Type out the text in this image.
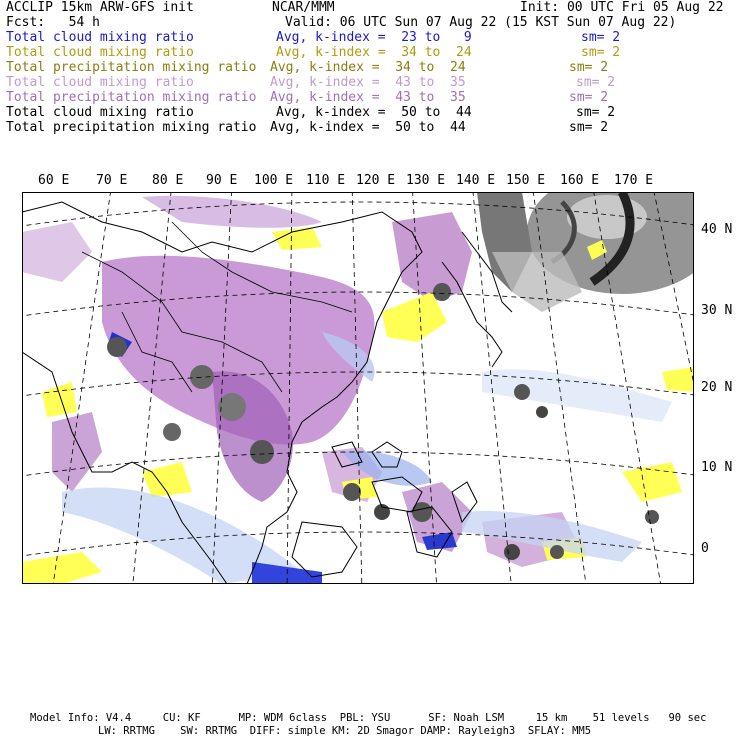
ACCLIP 15km ARW-GFS init	NCAR/MMM	Init: 00 UTC Fri 05 Aug 22
Fcst:   54 h	Valid: 06 UTC Sun 07 Aug 22 (15 KST Sun 07 Aug 22)
Total cloud mixing ratio	Avg, k-index =  23 to   9	sm= 2
Total cloud mixing ratio	Avg, k-index =  34 to  24	sm= 2
Total precipitation mixing ratio Avg, k-index =  34 to  24	sm= 2
Total cloud mixing ratio	Avg, k-index =  43 to  35	sm= 2
Total precipitation mixing ratio Avg, k-index =  43 to  35	sm= 2
Total cloud mixing ratio	Avg, k-index =  50 to  44	sm= 2
Total precipitation mixing ratio Avg, k-index =  50 to  44	sm= 2
60 E 70 E 80 E 90 E 100 E 110 E 120 E 130 E 140 E 150 E 160 E 170 E
40 N
30 N
20 N
10 N
0
Model Info: V4.4     CU: KF      MP: WDM 6class  PBL: YSU      SF: Noah LSM     15 km    51 levels   90 sec
LW: RRTMG    SW: RRTMG  DIFF: simple KM: 2D Smagor DAMP: Rayleigh3  SFLAY: MM5
